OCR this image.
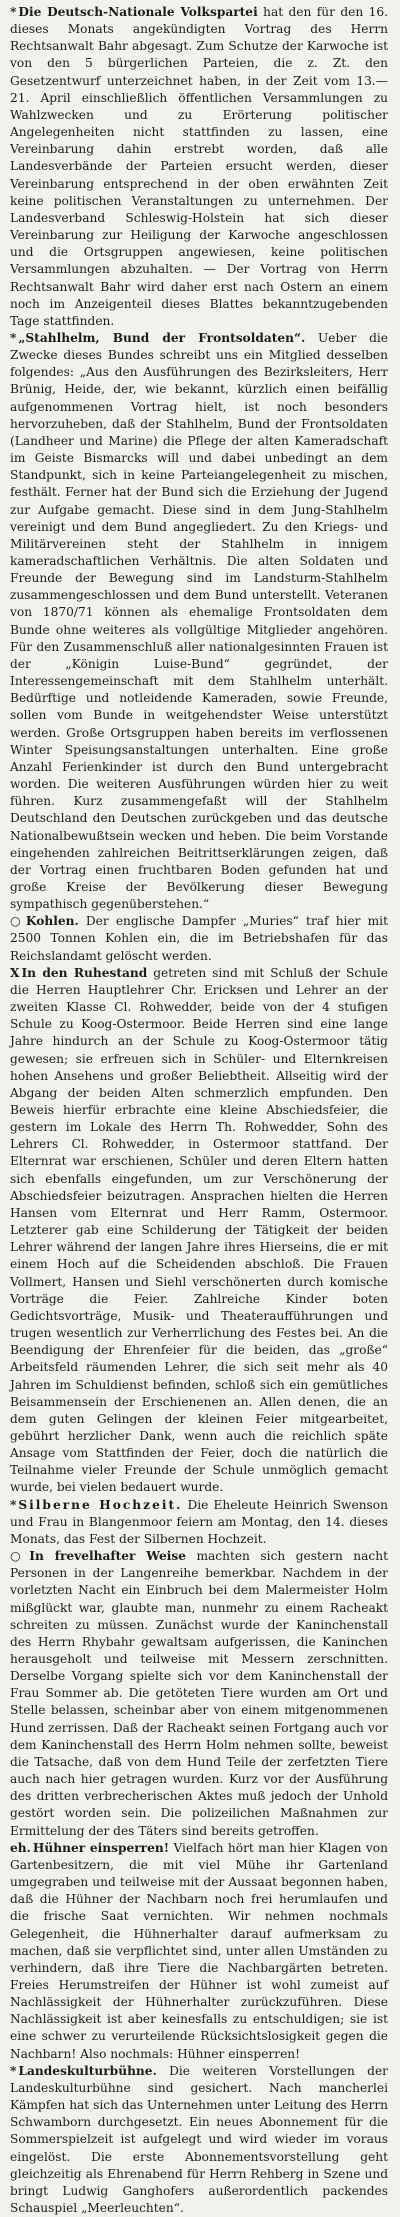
* Die Deutsch-Nationale Volkspartei hat den für den 16. dieses Monats angekündigten Vortrag des Herrn Rechtsanwalt Bahr abgesagt. Zum Schutze der Karwoche ist von den 5 bürgerlichen Parteien, die z. Zt. den Gesetzentwurf unterzeichnet haben, in der Zeit vom 13.—21. April einschließlich öffentlichen Versammlungen zu Wahlzwecken und zu Erörterung politischer Angelegenheiten nicht stattfinden zu lassen, eine Vereinbarung dahin erstrebt worden, daß alle Landesverbände der Parteien ersucht werden, dieser Vereinbarung entsprechend in der oben erwähnten Zeit keine politischen Veranstaltungen zu unternehmen. Der Landesverband Schleswig-Holstein hat sich dieser Vereinbarung zur Heiligung der Karwoche angeschlossen und die Ortsgruppen angewiesen, keine politischen Versammlungen abzuhalten. — Der Vortrag von Herrn Rechtsanwalt Bahr wird daher erst nach Ostern an einem noch im Anzeigenteil dieses Blattes bekanntzugebenden Tage stattfinden.

* „Stahlhelm, Bund der Frontsoldaten“. Ueber die Zwecke dieses Bundes schreibt uns ein Mitglied desselben folgendes: „Aus den Ausführungen des Bezirksleiters, Herr Brünig, Heide, der, wie bekannt, kürzlich einen beifällig aufgenommenen Vortrag hielt, ist noch besonders hervorzuheben, daß der Stahlhelm, Bund der Frontsoldaten (Landheer und Marine) die Pflege der alten Kameradschaft im Geiste Bismarcks will und dabei unbedingt an dem Standpunkt, sich in keine Parteiangelegenheit zu mischen, festhält. Ferner hat der Bund sich die Erziehung der Jugend zur Aufgabe gemacht. Diese sind in dem Jung-Stahlhelm vereinigt und dem Bund angegliedert. Zu den Kriegs- und Militärvereinen steht der Stahlhelm in innigem kameradschaftlichen Verhältnis. Die alten Soldaten und Freunde der Bewegung sind im Landsturm-Stahlhelm zusammengeschlossen und dem Bund unterstellt. Veteranen von 1870/71 können als ehemalige Frontsoldaten dem Bunde ohne weiteres als vollgültige Mitglieder angehören. Für den Zusammenschluß aller nationalgesinnten Frauen ist der „Königin Luise-Bund“ gegründet, der Interessengemeinschaft mit dem Stahlhelm unterhält. Bedürftige und notleidende Kameraden, sowie Freunde, sollen vom Bunde in weitgehendster Weise unterstützt werden. Große Ortsgruppen haben bereits im verflossenen Winter Speisungsanstaltungen unterhalten. Eine große Anzahl Ferienkinder ist durch den Bund untergebracht worden. Die weiteren Ausführungen würden hier zu weit führen. Kurz zusammengefaßt will der Stahlhelm Deutschland den Deutschen zurückgeben und das deutsche Nationalbewußtsein wecken und heben. Die beim Vorstande eingehenden zahlreichen Beitrittserklärungen zeigen, daß der Vortrag einen fruchtbaren Boden gefunden hat und große Kreise der Bevölkerung dieser Bewegung sympathisch gegenüberstehen.“

○ Kohlen. Der englische Dampfer „Muries“ traf hier mit 2500 Tonnen Kohlen ein, die im Betriebshafen für das Reichslandamt gelöscht werden.

X In den Ruhestand getreten sind mit Schluß der Schule die Herren Hauptlehrer Chr. Ericksen und Lehrer an der zweiten Klasse Cl. Rohwedder, beide von der 4 stufigen Schule zu Koog-Ostermoor. Beide Herren sind eine lange Jahre hindurch an der Schule zu Koog-Ostermoor tätig gewesen; sie erfreuen sich in Schüler- und Elternkreisen hohen Ansehens und großer Beliebtheit. Allseitig wird der Abgang der beiden Alten schmerzlich empfunden. Den Beweis hierfür erbrachte eine kleine Abschiedsfeier, die gestern im Lokale des Herrn Th. Rohwedder, Sohn des Lehrers Cl. Rohwedder, in Ostermoor stattfand. Der Elternrat war erschienen, Schüler und deren Eltern hatten sich ebenfalls eingefunden, um zur Verschönerung der Abschiedsfeier beizutragen. Ansprachen hielten die Herren Hansen vom Elternrat und Herr Ramm, Ostermoor. Letzterer gab eine Schilderung der Tätigkeit der beiden Lehrer während der langen Jahre ihres Hierseins, die er mit einem Hoch auf die Scheidenden abschloß. Die Frauen Vollmert, Hansen und Siehl verschönerten durch komische Vorträge die Feier. Zahlreiche Kinder boten Gedichtsvorträge, Musik- und Theateraufführungen und trugen wesentlich zur Verherrlichung des Festes bei. An die Beendigung der Ehrenfeier für die beiden, das „große“ Arbeitsfeld räumenden Lehrer, die sich seit mehr als 40 Jahren im Schuldienst befinden, schloß sich ein gemütliches Beisammensein der Erschienenen an. Allen denen, die an dem guten Gelingen der kleinen Feier mitgearbeitet, gebührt herzlicher Dank, wenn auch die reichlich späte Ansage vom Stattfinden der Feier, doch die natürlich die Teilnahme vieler Freunde der Schule unmöglich gemacht wurde, bei vielen bedauert wurde.

* Silberne Hochzeit. Die Eheleute Heinrich Swenson und Frau in Blangenmoor feiern am Montag, den 14. dieses Monats, das Fest der Silbernen Hochzeit.

○ In frevelhafter Weise machten sich gestern nacht Personen in der Langenreihe bemerkbar. Nachdem in der vorletzten Nacht ein Einbruch bei dem Malermeister Holm mißglückt war, glaubte man, nunmehr zu einem Racheakt schreiten zu müssen. Zunächst wurde der Kaninchenstall des Herrn Rhybahr gewaltsam aufgerissen, die Kaninchen herausgeholt und teilweise mit Messern zerschnitten. Derselbe Vorgang spielte sich vor dem Kaninchenstall der Frau Sommer ab. Die getöteten Tiere wurden am Ort und Stelle belassen, scheinbar aber von einem mitgenommenen Hund zerrissen. Daß der Racheakt seinen Fortgang auch vor dem Kaninchenstall des Herrn Holm nehmen sollte, beweist die Tatsache, daß von dem Hund Teile der zerfetzten Tiere auch nach hier getragen wurden. Kurz vor der Ausführung des dritten verbrecherischen Aktes muß jedoch der Unhold gestört worden sein. Die polizeilichen Maßnahmen zur Ermittelung der des Täters sind bereits getroffen.

eh. Hühner einsperren! Vielfach hört man hier Klagen von Gartenbesitzern, die mit viel Mühe ihr Gartenland umgegraben und teilweise mit der Aussaat begonnen haben, daß die Hühner der Nachbarn noch frei herumlaufen und die frische Saat vernichten. Wir nehmen nochmals Gelegenheit, die Hühnerhalter darauf aufmerksam zu machen, daß sie verpflichtet sind, unter allen Umständen zu verhindern, daß ihre Tiere die Nachbargärten betreten. Freies Herumstreifen der Hühner ist wohl zumeist auf Nachlässigkeit der Hühnerhalter zurückzuführen. Diese Nachlässigkeit ist aber keinesfalls zu entschuldigen; sie ist eine schwer zu verurteilende Rücksichtslosigkeit gegen die Nachbarn! Also nochmals: Hühner einsperren!

* Landeskulturbühne. Die weiteren Vorstellungen der Landeskulturbühne sind gesichert. Nach mancherlei Kämpfen hat sich das Unternehmen unter Leitung des Herrn Schwamborn durchgesetzt. Ein neues Abonnement für die Sommerspielzeit ist aufgelegt und wird wieder im voraus eingelöst. Die erste Abonnementsvorstellung geht gleichzeitig als Ehrenabend für Herrn Rehberg in Szene und bringt Ludwig Ganghofers außerordentlich packendes Schauspiel „Meerleuchten“.
